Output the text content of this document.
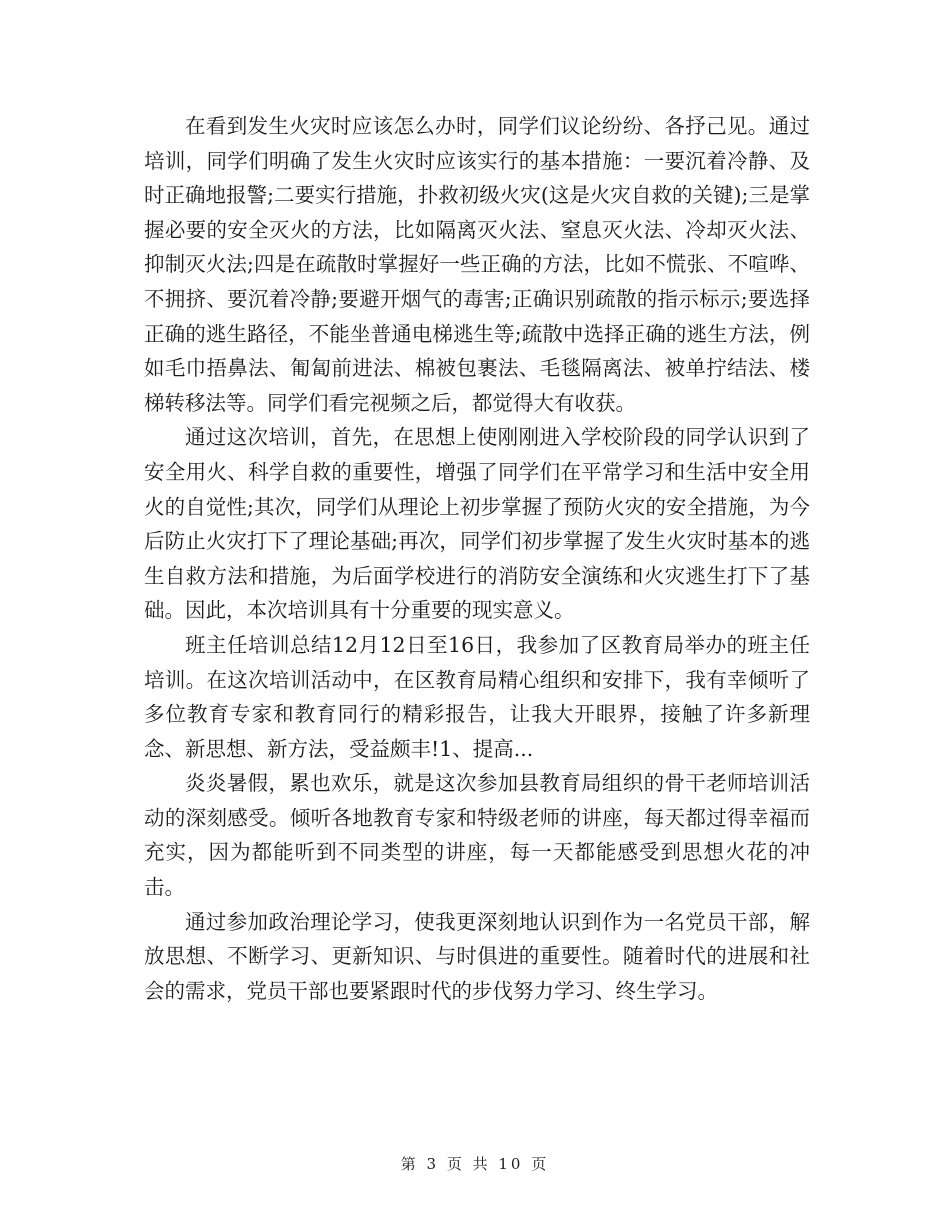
在看到发生火灾时应该怎么办时，同学们议论纷纷、各抒己见。通过培训，同学们明确了发生火灾时应该实行的基本措施：一要沉着冷静、及时正确地报警;二要实行措施，扑救初级火灾(这是火灾自救的关键);三是掌握必要的安全灭火的方法，比如隔离灭火法、窒息灭火法、冷却灭火法、抑制灭火法;四是在疏散时掌握好一些正确的方法，比如不慌张、不喧哗、不拥挤、要沉着冷静;要避开烟气的毒害;正确识别疏散的指示标示;要选择正确的逃生路径，不能坐普通电梯逃生等;疏散中选择正确的逃生方法，例如毛巾捂鼻法、匍匐前进法、棉被包裹法、毛毯隔离法、被单拧结法、楼梯转移法等。同学们看完视频之后，都觉得大有收获。

通过这次培训，首先，在思想上使刚刚进入学校阶段的同学认识到了安全用火、科学自救的重要性，增强了同学们在平常学习和生活中安全用火的自觉性;其次，同学们从理论上初步掌握了预防火灾的安全措施，为今后防止火灾打下了理论基础;再次，同学们初步掌握了发生火灾时基本的逃生自救方法和措施，为后面学校进行的消防安全演练和火灾逃生打下了基础。因此，本次培训具有十分重要的现实意义。

班主任培训总结12月12日至16日，我参加了区教育局举办的班主任培训。在这次培训活动中，在区教育局精心组织和安排下，我有幸倾听了多位教育专家和教育同行的精彩报告，让我大开眼界，接触了许多新理念、新思想、新方法，受益颇丰!1、提高...

炎炎暑假，累也欢乐，就是这次参加县教育局组织的骨干老师培训活动的深刻感受。倾听各地教育专家和特级老师的讲座，每天都过得幸福而充实，因为都能听到不同类型的讲座，每一天都能感受到思想火花的冲击。

通过参加政治理论学习，使我更深刻地认识到作为一名党员干部，解放思想、不断学习、更新知识、与时俱进的重要性。随着时代的进展和社会的需求，党员干部也要紧跟时代的步伐努力学习、终生学习。

第 3 页 共 10 页
